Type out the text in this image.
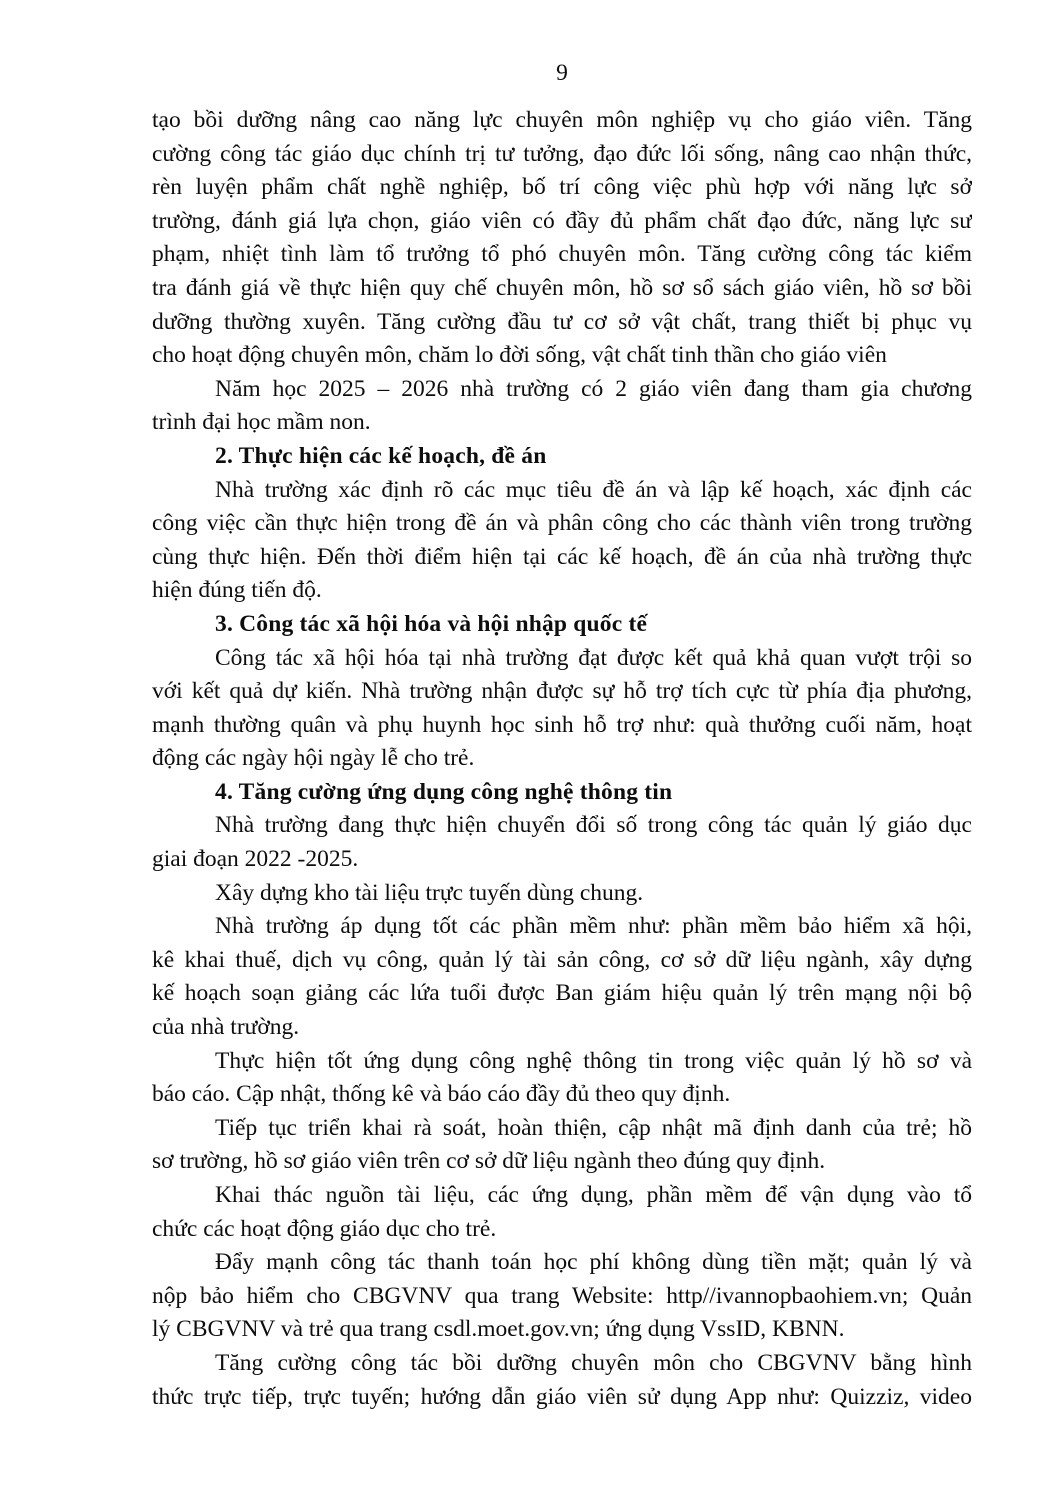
9
tạo bồi dưỡng nâng cao năng lực chuyên môn nghiệp vụ cho giáo viên. Tăng
cường công tác giáo dục chính trị tư tưởng, đạo đức lối sống, nâng cao nhận thức,
rèn luyện phẩm chất nghề nghiệp, bố trí công việc phù hợp với năng lực sở
trường, đánh giá lựa chọn, giáo viên có đầy đủ phẩm chất đạo đức, năng lực sư
phạm, nhiệt tình làm tổ trưởng tổ phó chuyên môn. Tăng cường công tác kiểm
tra đánh giá về thực hiện quy chế chuyên môn, hồ sơ sổ sách giáo viên, hồ sơ bồi
dưỡng thường xuyên. Tăng cường đầu tư cơ sở vật chất, trang thiết bị phục vụ
cho hoạt động chuyên môn, chăm lo đời sống, vật chất tinh thần cho giáo viên
Năm học 2025 – 2026 nhà trường có 2 giáo viên đang tham gia chương
trình đại học mầm non.
2. Thực hiện các kế hoạch, đề án
Nhà trường xác định rõ các mục tiêu đề án và lập kế hoạch, xác định các
công việc cần thực hiện trong đề án và phân công cho các thành viên trong trường
cùng thực hiện. Đến thời điểm hiện tại các kế hoạch, đề án của nhà trường thực
hiện đúng tiến độ.
3. Công tác xã hội hóa và hội nhập quốc tế
Công tác xã hội hóa tại nhà trường đạt được kết quả khả quan vượt trội so
với kết quả dự kiến. Nhà trường nhận được sự hỗ trợ tích cực từ phía địa phương,
mạnh thường quân và phụ huynh học sinh hỗ trợ như: quà thưởng cuối năm, hoạt
động các ngày hội ngày lễ cho trẻ.
4. Tăng cường ứng dụng công nghệ thông tin
Nhà trường đang thực hiện chuyển đổi số trong công tác quản lý giáo dục
giai đoạn 2022 -2025.
Xây dựng kho tài liệu trực tuyến dùng chung.
Nhà trường áp dụng tốt các phần mềm như: phần mềm bảo hiểm xã hội,
kê khai thuế, dịch vụ công, quản lý tài sản công, cơ sở dữ liệu ngành, xây dựng
kế hoạch soạn giảng các lứa tuổi được Ban giám hiệu quản lý trên mạng nội bộ
của nhà trường.
Thực hiện tốt ứng dụng công nghệ thông tin trong việc quản lý hồ sơ và
báo cáo. Cập nhật, thống kê và báo cáo đầy đủ theo quy định.
Tiếp tục triển khai rà soát, hoàn thiện, cập nhật mã định danh của trẻ; hồ
sơ trường, hồ sơ giáo viên trên cơ sở dữ liệu ngành theo đúng quy định.
Khai thác nguồn tài liệu, các ứng dụng, phần mềm để vận dụng vào tổ
chức các hoạt động giáo dục cho trẻ.
Đẩy mạnh công tác thanh toán học phí không dùng tiền mặt; quản lý và
nộp bảo hiểm cho CBGVNV qua trang Website: http//ivannopbaohiem.vn; Quản
lý CBGVNV và trẻ qua trang csdl.moet.gov.vn; ứng dụng VssID, KBNN.
Tăng cường công tác bồi dưỡng chuyên môn cho CBGVNV bằng hình
thức trực tiếp, trực tuyến; hướng dẫn giáo viên sử dụng App như: Quizziz, video
